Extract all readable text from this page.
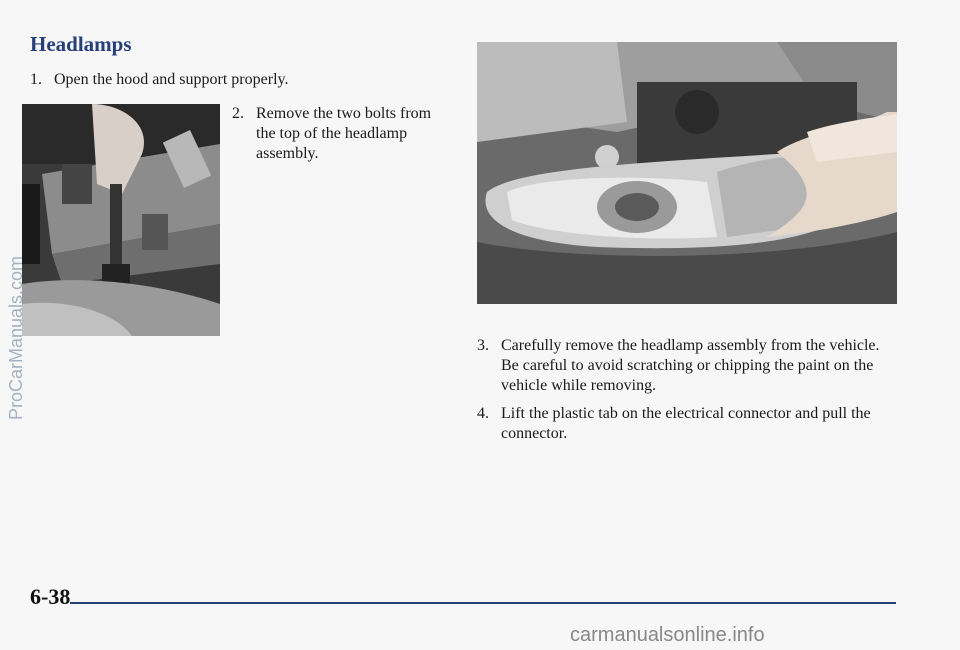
Headlamps
1. Open the hood and support properly.
2. Remove the two bolts from the top of the headlamp assembly.
3. Carefully remove the headlamp assembly from the vehicle. Be careful to avoid scratching or chipping the paint on the vehicle while removing.
4. Lift the plastic tab on the electrical connector and pull the connector.
ProCarManuals.com
6-38
carmanualsonline.info
